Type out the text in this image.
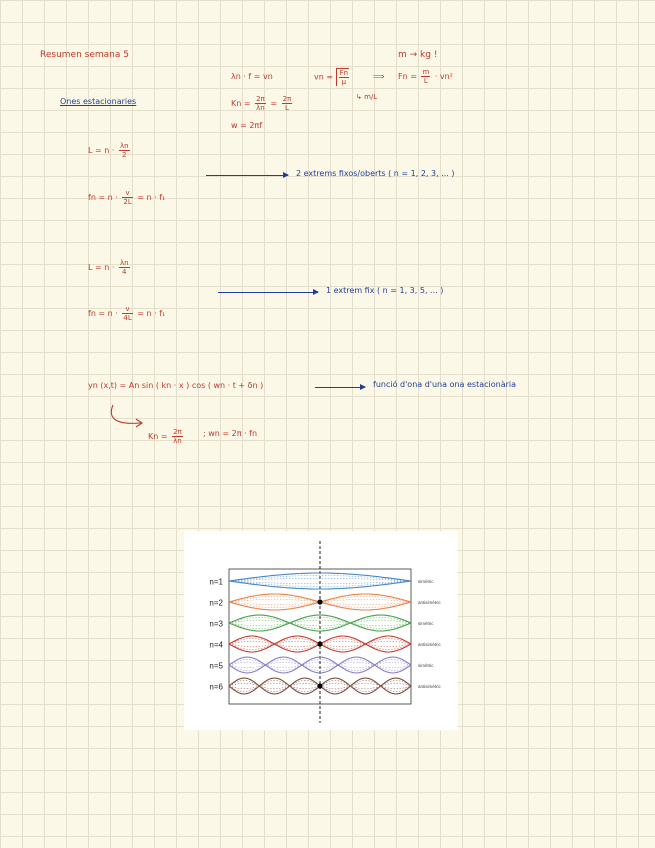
Resumen semana 5	m → kg !
λn · f = vn	vn = $\frac{Fn}{\mu}$	⟹ $Fn = \frac{m}{L} \cdot vn^2$
↳ m/L
$Kn = \frac{2\pi}{\lambda n} = \frac{2\pi}{L}$
w = 2πf
Ones estacionaries
$L = n \cdot \frac{\lambda n}{2}$
fn = $n \cdot \frac{v}{2L} = n \cdot f_1$
2 extrems fixos/oberts ( n = 1, 2, 3, ... )
$L = n \cdot \frac{\lambda n}{4}$
fn = $n \cdot \frac{v}{4L} = n \cdot f_1$
1 extrem fix ( n = 1, 3, 5, ... )
yn (x,t) = An sin ( kn · x ) cos ( wn · t + δn )	funció d'ona d'una ona estacionària
$Kn = \frac{2\pi}{\lambda n}$	; wn = 2π · fn
n=1	simètric
n=2	antisimètric
n=3	simètric
n=4	antisimètric
n=5	simètric
n=6	antisimètric
